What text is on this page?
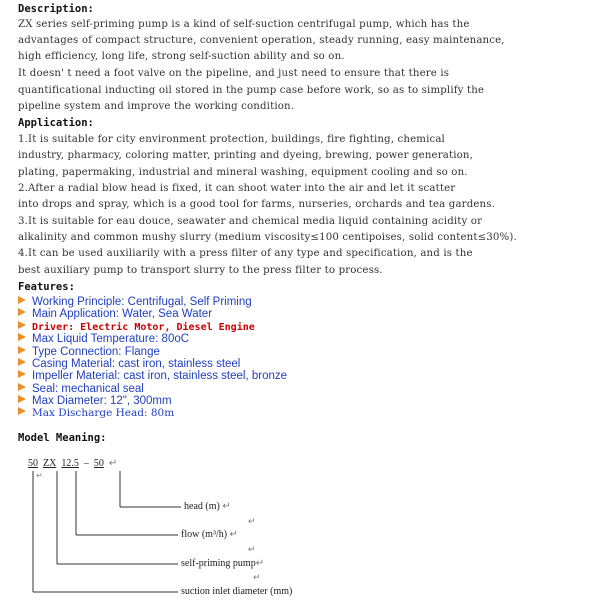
Description:
ZX series self-priming pump is a kind of self-suction centrifugal pump, which has the
advantages of compact structure, convenient operation, steady running, easy maintenance,
high efficiency, long life, strong self-suction ability and so on.
It doesn' t need a foot valve on the pipeline, and just need to ensure that there is
quantificational inducting oil stored in the pump case before work, so as to simplify the
pipeline system and improve the working condition.
Application:
1.It is suitable for city environment protection, buildings, fire fighting, chemical
industry, pharmacy, coloring matter, printing and dyeing, brewing, power generation,
plating, papermaking, industrial and mineral washing, equipment cooling and so on.
2.After a radial blow head is fixed, it can shoot water into the air and let it scatter
into drops and spray, which is a good tool for farms, nurseries, orchards and tea gardens.
3.It is suitable for eau douce, seawater and chemical media liquid containing acidity or
alkalinity and common mushy slurry (medium viscosity≤100 centipoises, solid content≤30%).
4.It can be used auxiliarily with a press filter of any type and specification, and is the
best auxiliary pump to transport slurry to the press filter to process.
Features:
Working Principle: Centrifugal, Self Priming
Main Application: Water, Sea Water
Driver: Electric Motor, Diesel Engine
Max Liquid Temperature: 80oC
Type Connection: Flange
Casing Material: cast iron, stainless steel
Impeller Material: cast iron, stainless steel, bronze
Seal: mechanical seal
Max Diameter: 12", 300mm
Max Discharge Head: 80m
Model Meaning:
50 ZX 12.5 – 50 ↵
↵
head (m) ↵
↵
flow (m³/h) ↵
↵
self-priming pump↵
↵
suction inlet diameter (mm)
